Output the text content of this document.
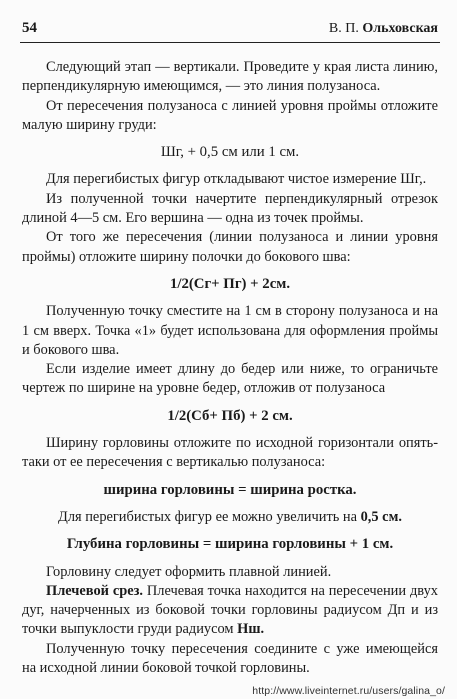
54	В. П. Ольховская

Следующий этап — вертикали. Проведите у края листа линию, перпендикулярную имеющимся, — это линия полузаноса.

От пересечения полузаноса с линией уровня проймы отложите малую ширину груди:

Шг, + 0,5 см или 1 см.

Для перегибистых фигур откладывают чистое измерение Шг,.

Из полученной точки начертите перпендикулярный отрезок длиной 4—5 см. Его вершина — одна из точек проймы.

От того же пересечения (линии полузаноса и линии уровня проймы) отложите ширину полочки до бокового шва:

1/2(Сг+ Пг) + 2см.

Полученную точку сместите на 1 см в сторону полузаноса и на 1 см вверх. Точка «1» будет использована для оформления проймы и бокового шва.

Если изделие имеет длину до бедер или ниже, то ограничьте чертеж по ширине на уровне бедер, отложив от полузаноса

1/2(Сб+ Пб) + 2 см.

Ширину горловины отложите по исходной горизонтали опять-таки от ее пересечения с вертикалью полузаноса:

ширина горловины = ширина ростка.

Для перегибистых фигур ее можно увеличить на 0,5 см.

Глубина горловины = ширина горловины + 1 см.

Горловину следует оформить плавной линией.

Плечевой срез. Плечевая точка находится на пересечении двух дуг, начерченных из боковой точки горловины радиусом Дп и из точки выпуклости груди радиусом Нш.

Полученную точку пересечения соедините с уже имеющейся на исходной линии боковой точкой горловины.

http://www.liveinternet.ru/users/galina_o/
